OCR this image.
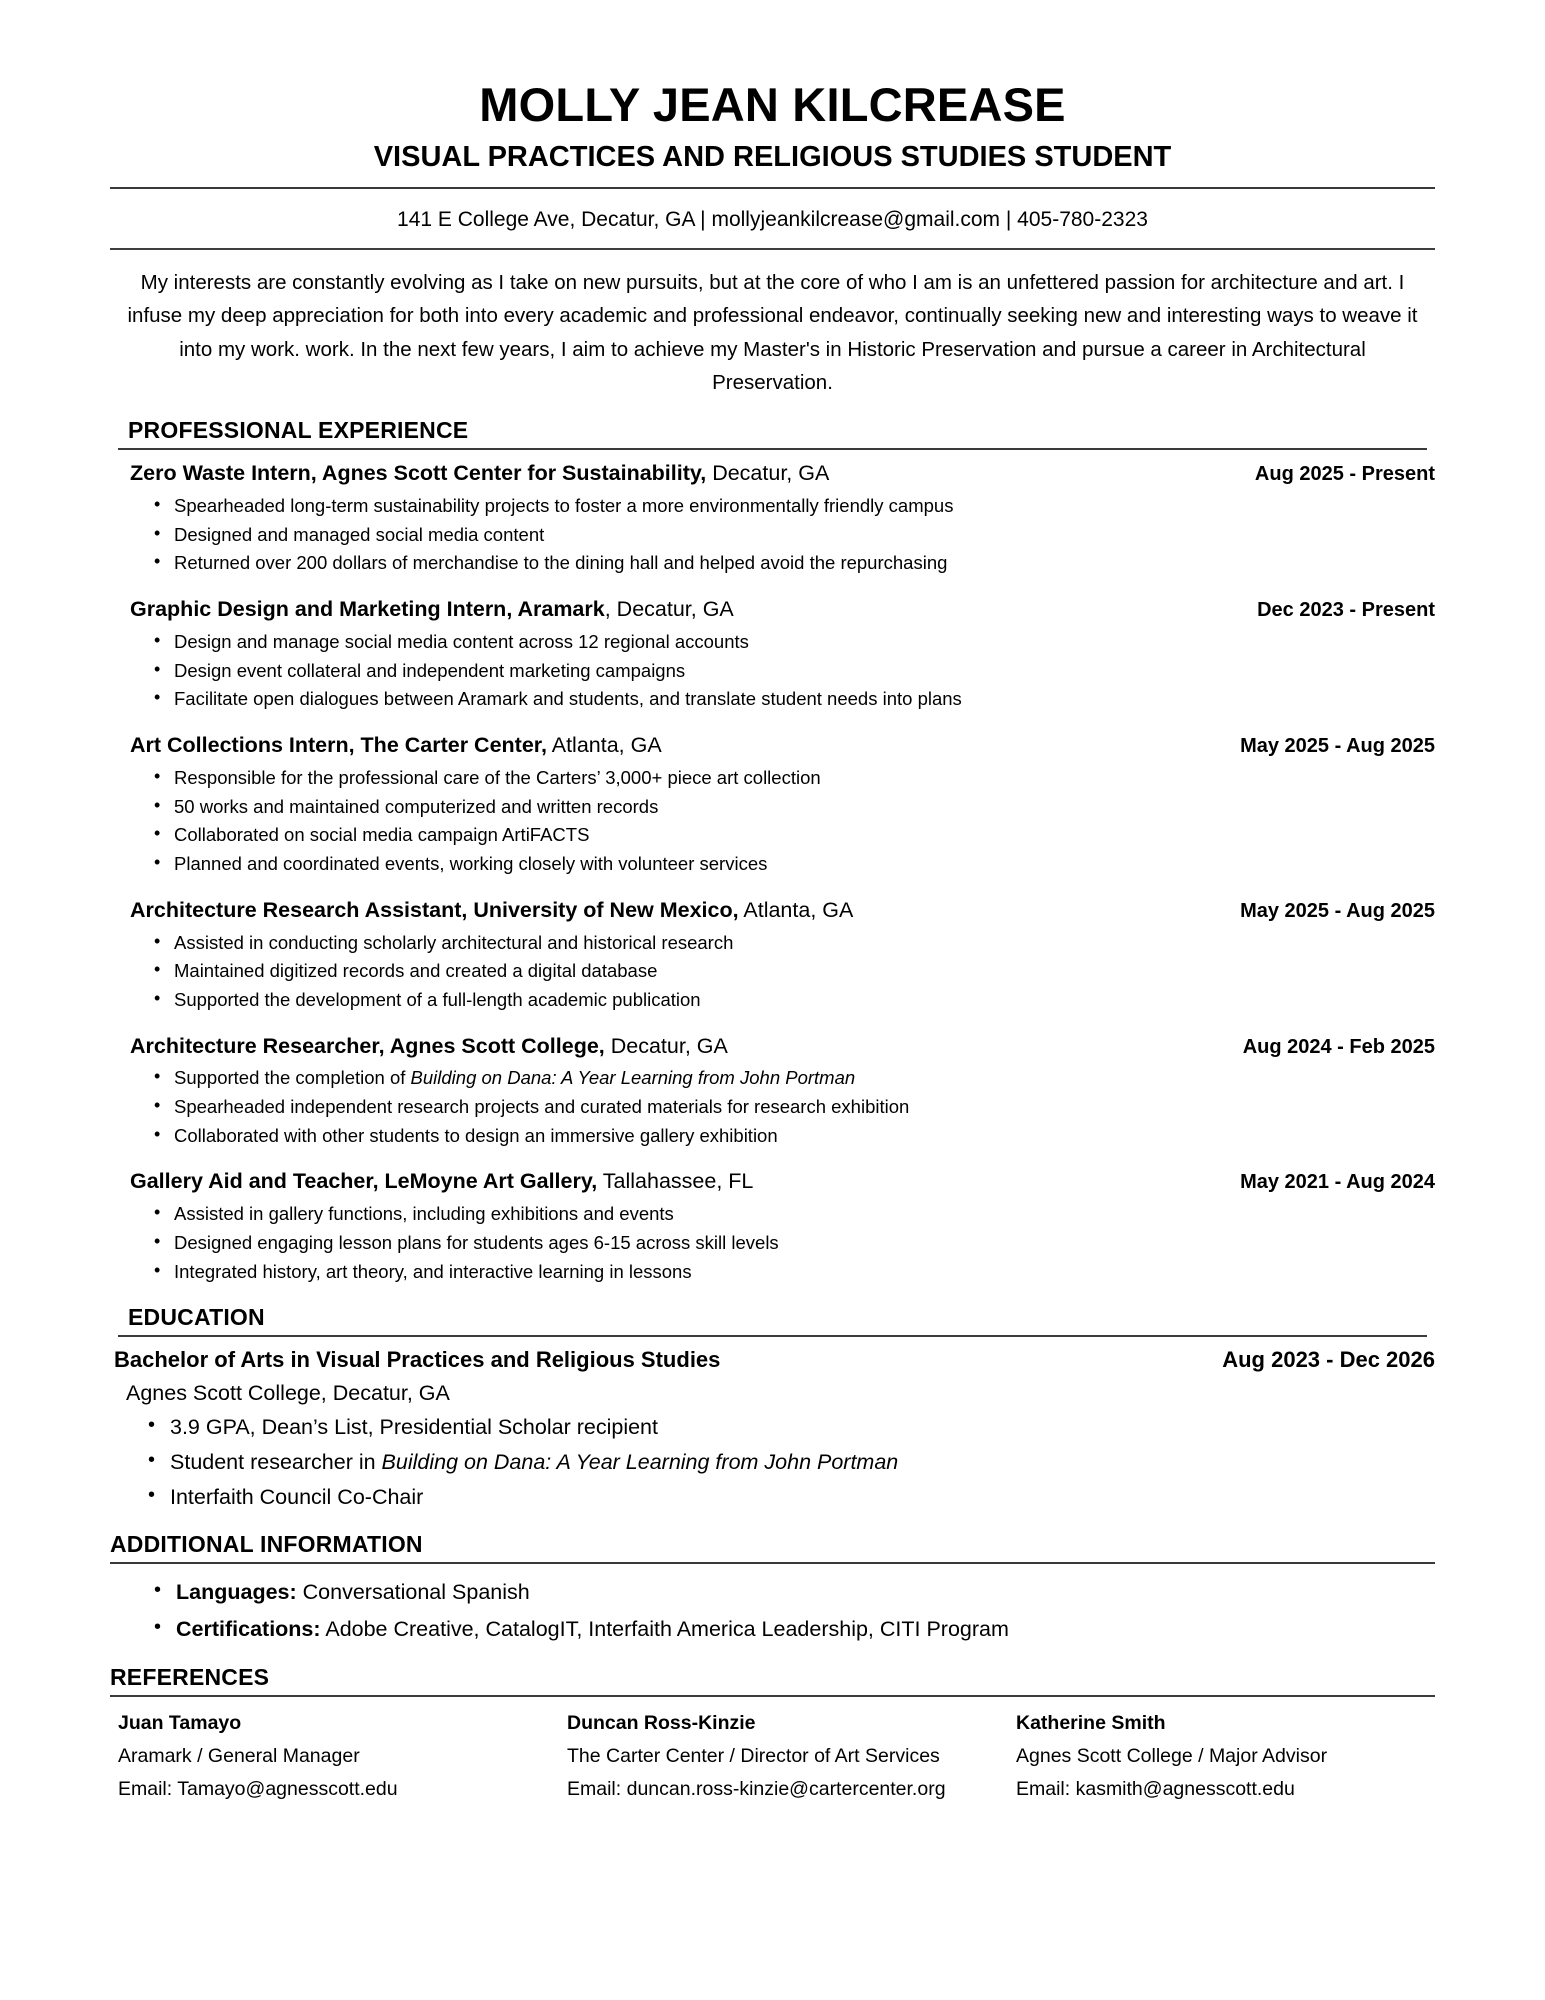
MOLLY JEAN KILCREASE
VISUAL PRACTICES AND RELIGIOUS STUDIES STUDENT
141 E College Ave, Decatur, GA | mollyjeankilcrease@gmail.com | 405-780-2323
My interests are constantly evolving as I take on new pursuits, but at the core of who I am is an unfettered passion for architecture and art. I infuse my deep appreciation for both into every academic and professional endeavor, continually seeking new and interesting ways to weave it into my work. work. In the next few years, I aim to achieve my Master's in Historic Preservation and pursue a career in Architectural Preservation.
PROFESSIONAL EXPERIENCE
Zero Waste Intern, Agnes Scott Center for Sustainability, Decatur, GA	Aug 2025 - Present
• Spearheaded long-term sustainability projects to foster a more environmentally friendly campus
• Designed and managed social media content
• Returned over 200 dollars of merchandise to the dining hall and helped avoid the repurchasing
Graphic Design and Marketing Intern, Aramark, Decatur, GA	Dec 2023 - Present
• Design and manage social media content across 12 regional accounts
• Design event collateral and independent marketing campaigns
• Facilitate open dialogues between Aramark and students, and translate student needs into plans
Art Collections Intern, The Carter Center, Atlanta, GA	May 2025 - Aug 2025
• Responsible for the professional care of the Carters’ 3,000+ piece art collection
• 50 works and maintained computerized and written records
• Collaborated on social media campaign ArtiFACTS
• Planned and coordinated events, working closely with volunteer services
Architecture Research Assistant, University of New Mexico, Atlanta, GA	May 2025 - Aug 2025
• Assisted in conducting scholarly architectural and historical research
• Maintained digitized records and created a digital database
• Supported the development of a full-length academic publication
Architecture Researcher, Agnes Scott College, Decatur, GA	Aug 2024 - Feb 2025
• Supported the completion of Building on Dana: A Year Learning from John Portman
• Spearheaded independent research projects and curated materials for research exhibition
• Collaborated with other students to design an immersive gallery exhibition
Gallery Aid and Teacher, LeMoyne Art Gallery, Tallahassee, FL	May 2021 - Aug 2024
• Assisted in gallery functions, including exhibitions and events
• Designed engaging lesson plans for students ages 6-15 across skill levels
• Integrated history, art theory, and interactive learning in lessons
EDUCATION
Bachelor of Arts in Visual Practices and Religious Studies	Aug 2023 - Dec 2026
Agnes Scott College, Decatur, GA
• 3.9 GPA, Dean’s List, Presidential Scholar recipient
• Student researcher in Building on Dana: A Year Learning from John Portman
• Interfaith Council Co-Chair
ADDITIONAL INFORMATION
• Languages: Conversational Spanish
• Certifications: Adobe Creative, CatalogIT, Interfaith America Leadership, CITI Program
REFERENCES
Juan Tamayo
Aramark / General Manager
Email: Tamayo@agnesscott.edu
Duncan Ross-Kinzie
The Carter Center / Director of Art Services
Email: duncan.ross-kinzie@cartercenter.org
Katherine Smith
Agnes Scott College / Major Advisor
Email: kasmith@agnesscott.edu
